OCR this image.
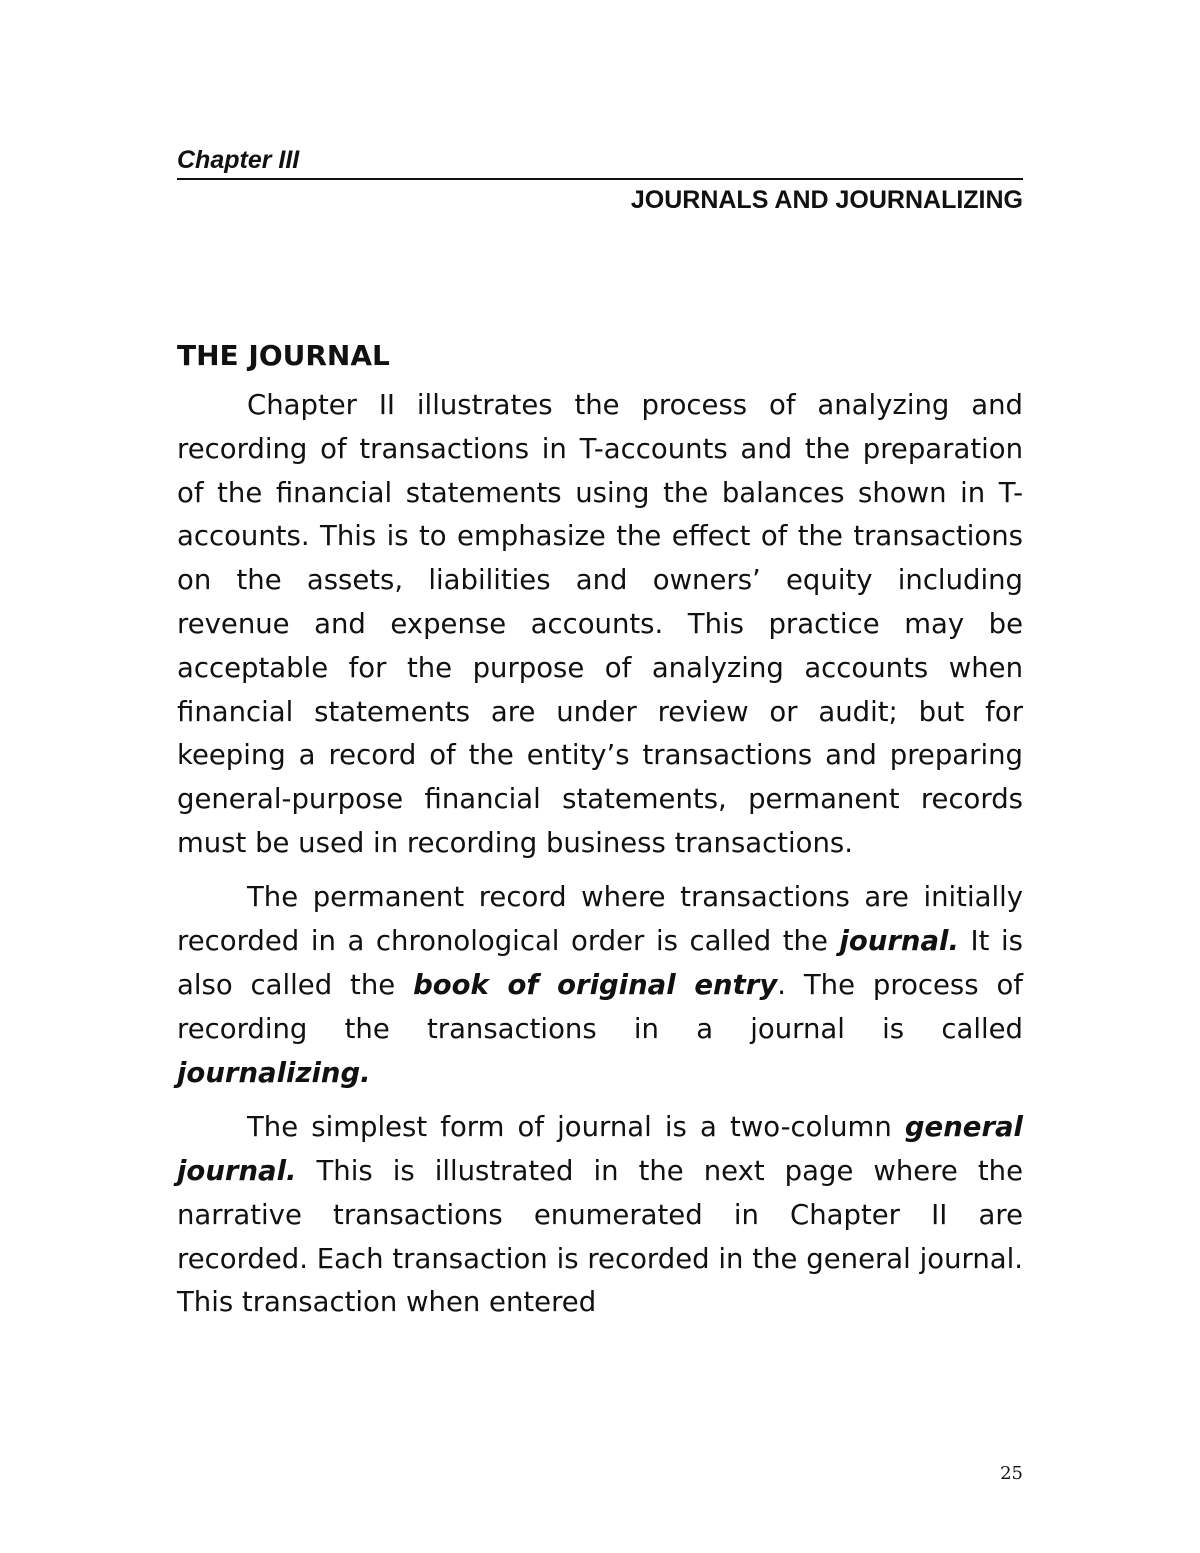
Chapter III
JOURNALS AND JOURNALIZING
THE JOURNAL

Chapter II illustrates the process of analyzing and recording of transactions in T-accounts and the preparation of the financial statements using the balances shown in T-accounts. This is to emphasize the effect of the transactions on the assets, liabilities and owners’ equity including revenue and expense accounts. This practice may be acceptable for the purpose of analyzing accounts when financial statements are under review or audit; but for keeping a record of the entity’s transactions and preparing general-purpose financial statements, permanent records must be used in recording business transactions.

The permanent record where transactions are initially recorded in a chronological order is called the journal. It is also called the book of original entry. The process of recording the transactions in a journal is called journalizing.

The simplest form of journal is a two-column general journal. This is illustrated in the next page where the narrative transactions enumerated in Chapter II are recorded. Each transaction is recorded in the general journal. This transaction when entered

25
